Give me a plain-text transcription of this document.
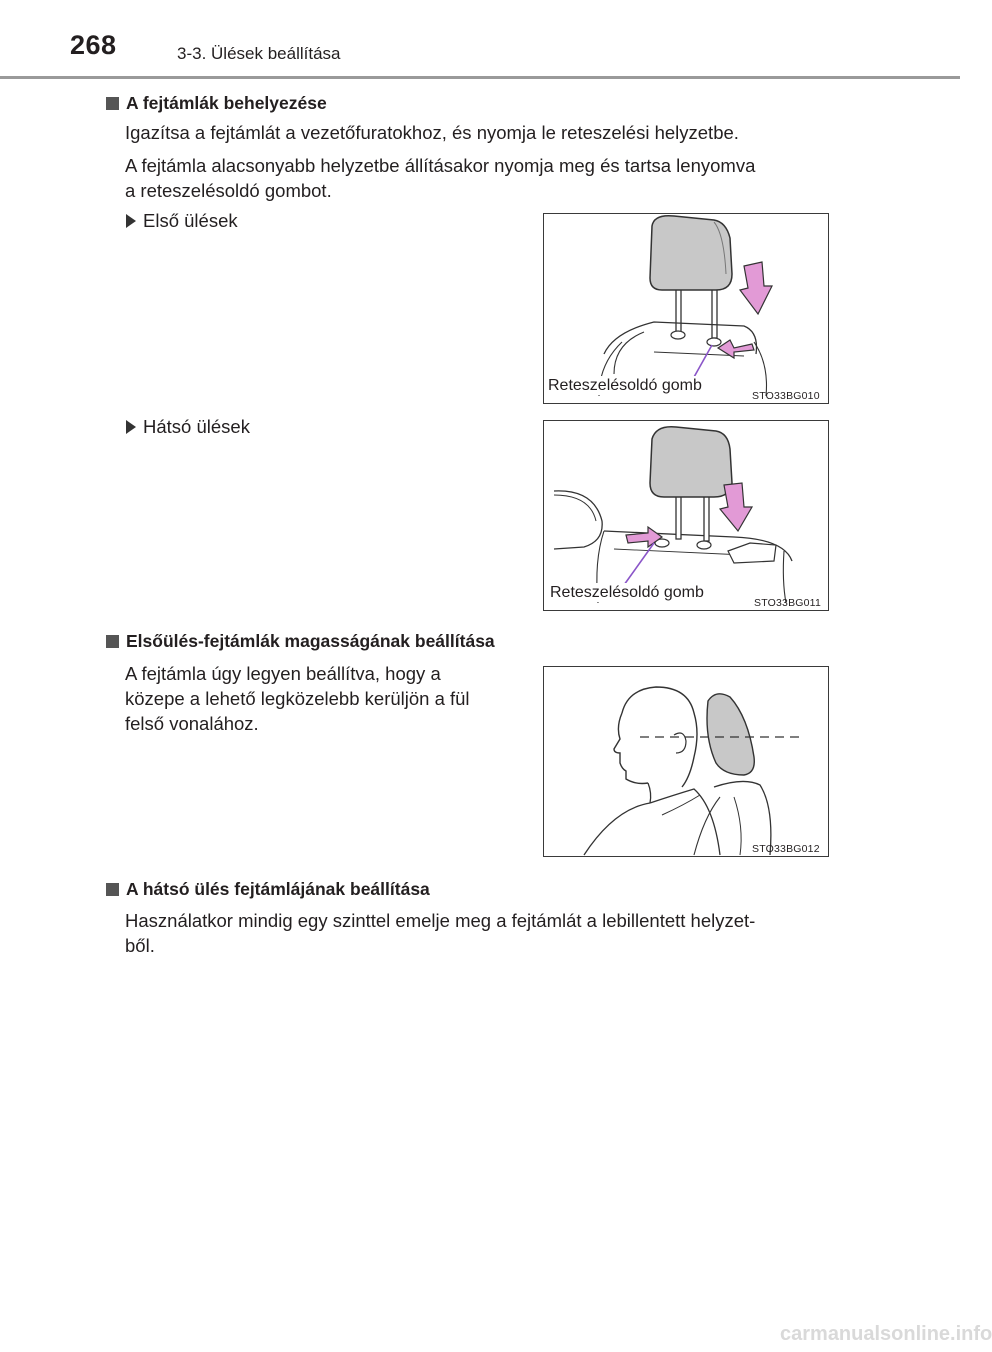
268	3-3. Ülések beállítása
A fejtámlák behelyezése
Igazítsa a fejtámlát a vezetőfuratokhoz, és nyomja le reteszelési helyzetbe.
A fejtámla alacsonyabb helyzetbe állításakor nyomja meg és tartsa lenyomva
a reteszelésoldó gombot.
Első ülések
Reteszelésoldó gomb
STO33BG010
Hátsó ülések
Reteszelésoldó gomb
STO33BG011
Elsőülés-fejtámlák magasságának beállítása
A fejtámla úgy legyen beállítva, hogy a
közepe a lehető legközelebb kerüljön a fül
felső vonalához.
STO33BG012
A hátsó ülés fejtámlájának beállítása
Használatkor mindig egy szinttel emelje meg a fejtámlát a lebillentett helyzet-
ből.
carmanualsonline.info
